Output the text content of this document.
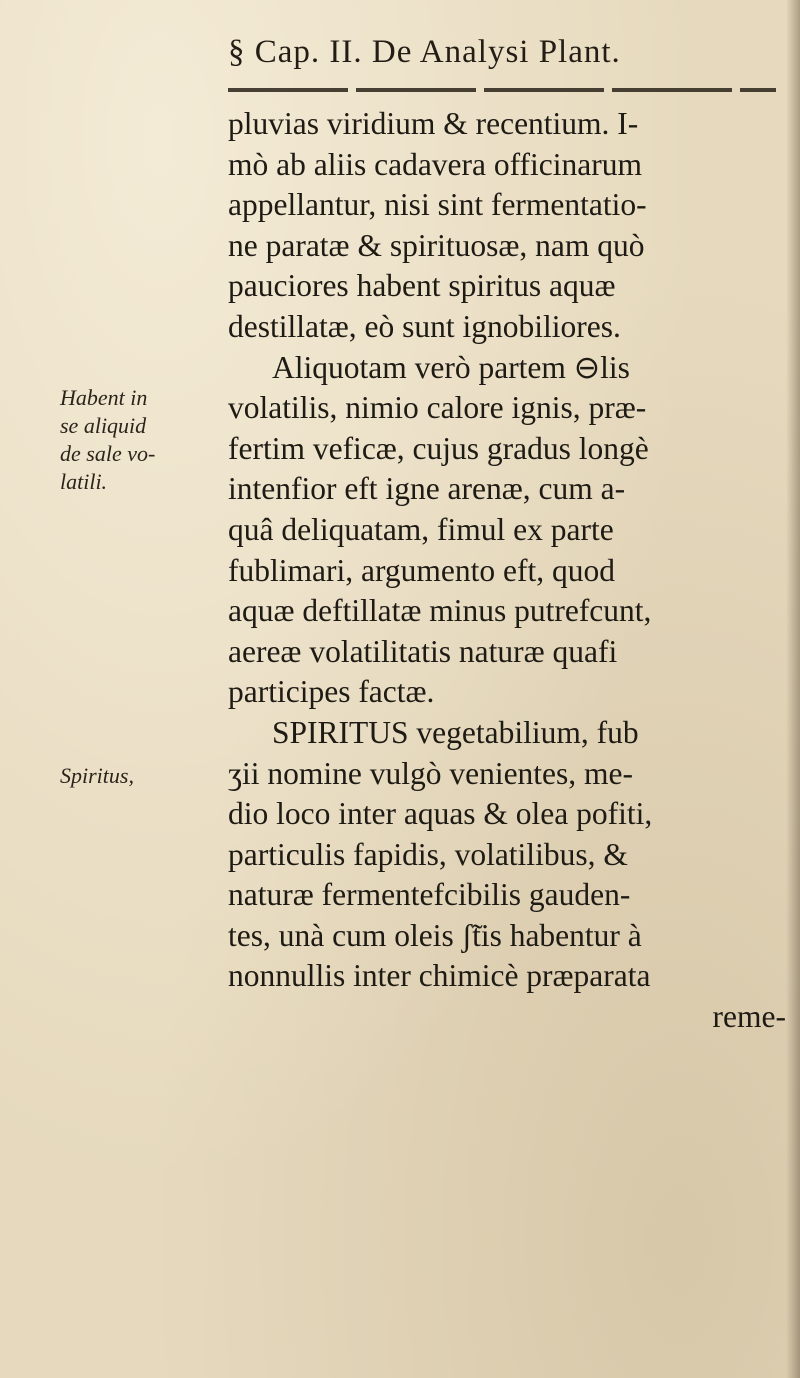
§ Cap. II. De Analysi Plant.
Habent in
se aliquid
de sale vo-
latili.
Spiritus,
pluvias viridium & recentium. I-
mò ab aliis cadavera officinarum
appellantur, nisi sint fermentatio-
ne paratæ & spirituosæ, nam quò
pauciores habent spiritus aquæ
destillatæ, eò sunt ignobiliores.
Aliquotam verò partem ⊖lis
volatilis, nimio calore ignis, præ-
fertim veficæ, cujus gradus longè
intenfior eft igne arenæ, cum a-
quâ deliquatam, fimul ex parte
fublimari, argumento eft, quod
aquæ deftillatæ minus putrefcunt,
aereæ volatilitatis naturæ quafi
participes factæ.
SPIRITUS vegetabilium, fub
ʒii nomine vulgò venientes, me-
dio loco inter aquas & olea pofiti,
particulis fapidis, volatilibus, &
naturæ fermentefcibilis gauden-
tes, unà cum oleis ʃ̃tis habentur à
nonnullis inter chimicè præparata
reme-
